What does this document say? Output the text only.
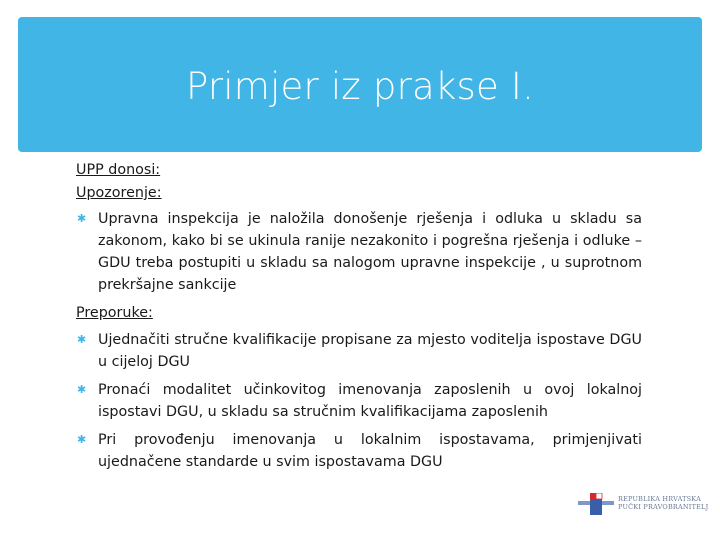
Primjer iz prakse I.

UPP donosi:

Upozorenje:

✱ Upravna inspekcija je naložila donošenje rješenja i odluka u skladu sa zakonom, kako bi se ukinula ranije nezakonito i pogrešna rješenja i odluke – GDU treba postupiti u skladu sa nalogom upravne inspekcije , u suprotnom prekršajne sankcije

Preporuke:

✱ Ujednačiti stručne kvalifikacije propisane za mjesto voditelja ispostave DGU u cijeloj DGU
✱ Pronaći modalitet učinkovitog imenovanja zaposlenih u ovoj lokalnoj ispostavi DGU, u skladu sa stručnim kvalifikacijama zaposlenih
✱ Pri provođenju imenovanja u lokalnim ispostavama, primjenjivati ujednačene standarde u svim ispostavama DGU
REPUBLIKA HRVATSKA
PUČKI PRAVOBRANITELJ
